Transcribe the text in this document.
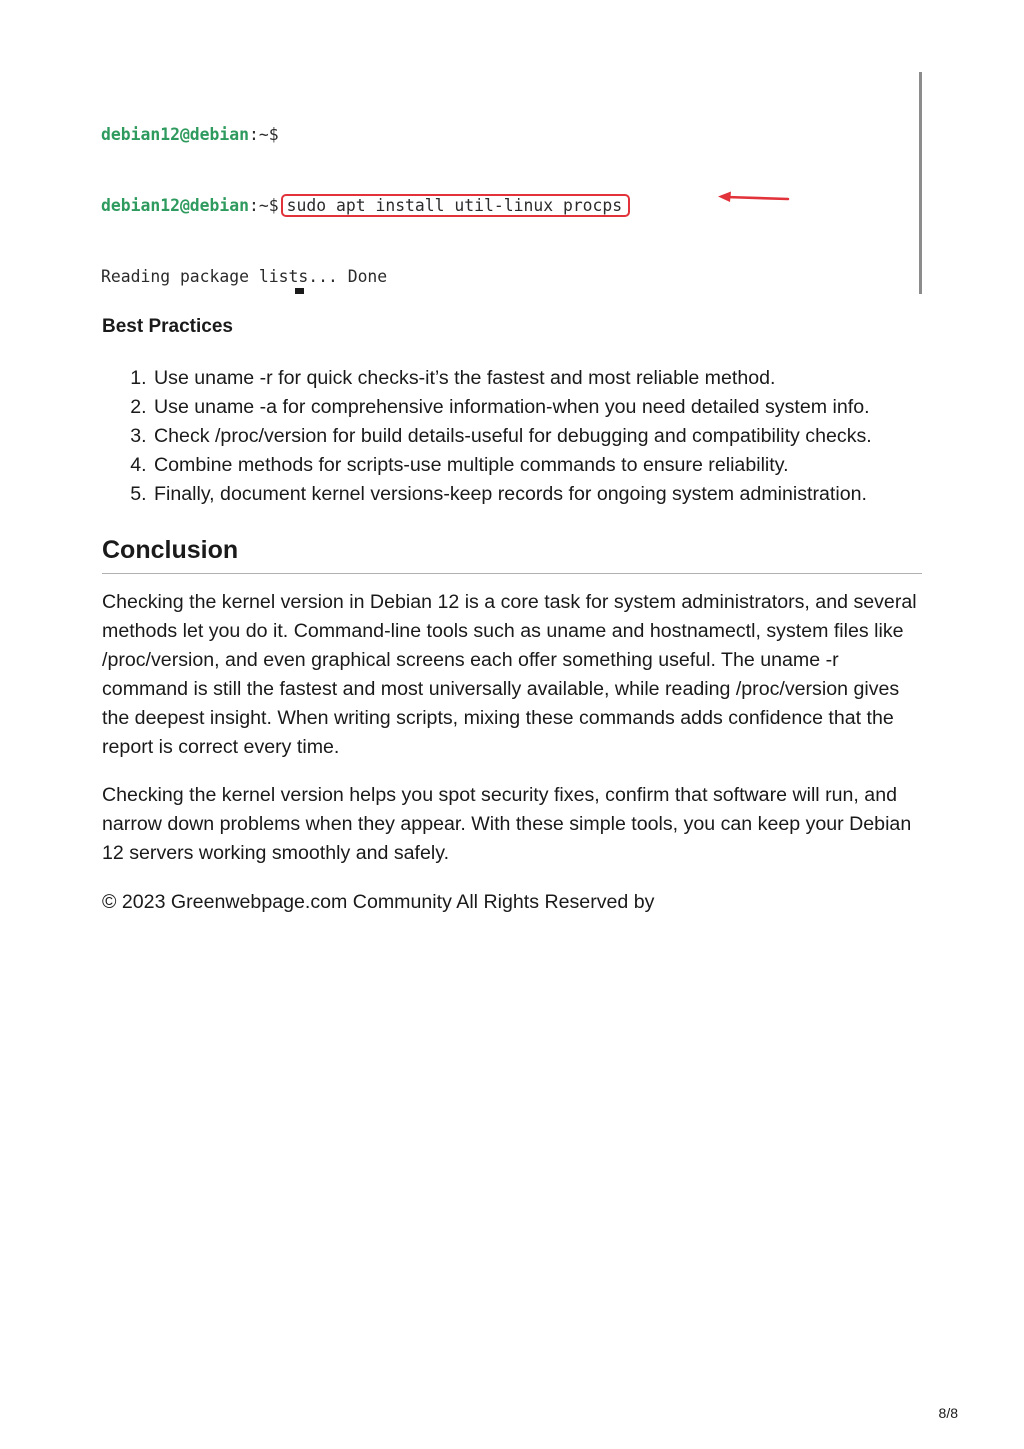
debian12@debian:~$

debian12@debian:~$ sudo apt install util-linux procps

Reading package lists... Done

Best Practices
1. Use uname -r for quick checks-it’s the fastest and most reliable method.
2. Use uname -a for comprehensive information-when you need detailed system info.
3. Check /proc/version for build details-useful for debugging and compatibility checks.
4. Combine methods for scripts-use multiple commands to ensure reliability.
5. Finally, document kernel versions-keep records for ongoing system administration.
Conclusion

Checking the kernel version in Debian 12 is a core task for system administrators, and several methods let you do it. Command-line tools such as uname and hostnamectl, system files like /proc/version, and even graphical screens each offer something useful. The uname -r command is still the fastest and most universally available, while reading /proc/version gives the deepest insight. When writing scripts, mixing these commands adds confidence that the report is correct every time.

Checking the kernel version helps you spot security fixes, confirm that software will run, and narrow down problems when they appear. With these simple tools, you can keep your Debian 12 servers working smoothly and safely.

© 2023 Greenwebpage.com Community All Rights Reserved by

8/8
